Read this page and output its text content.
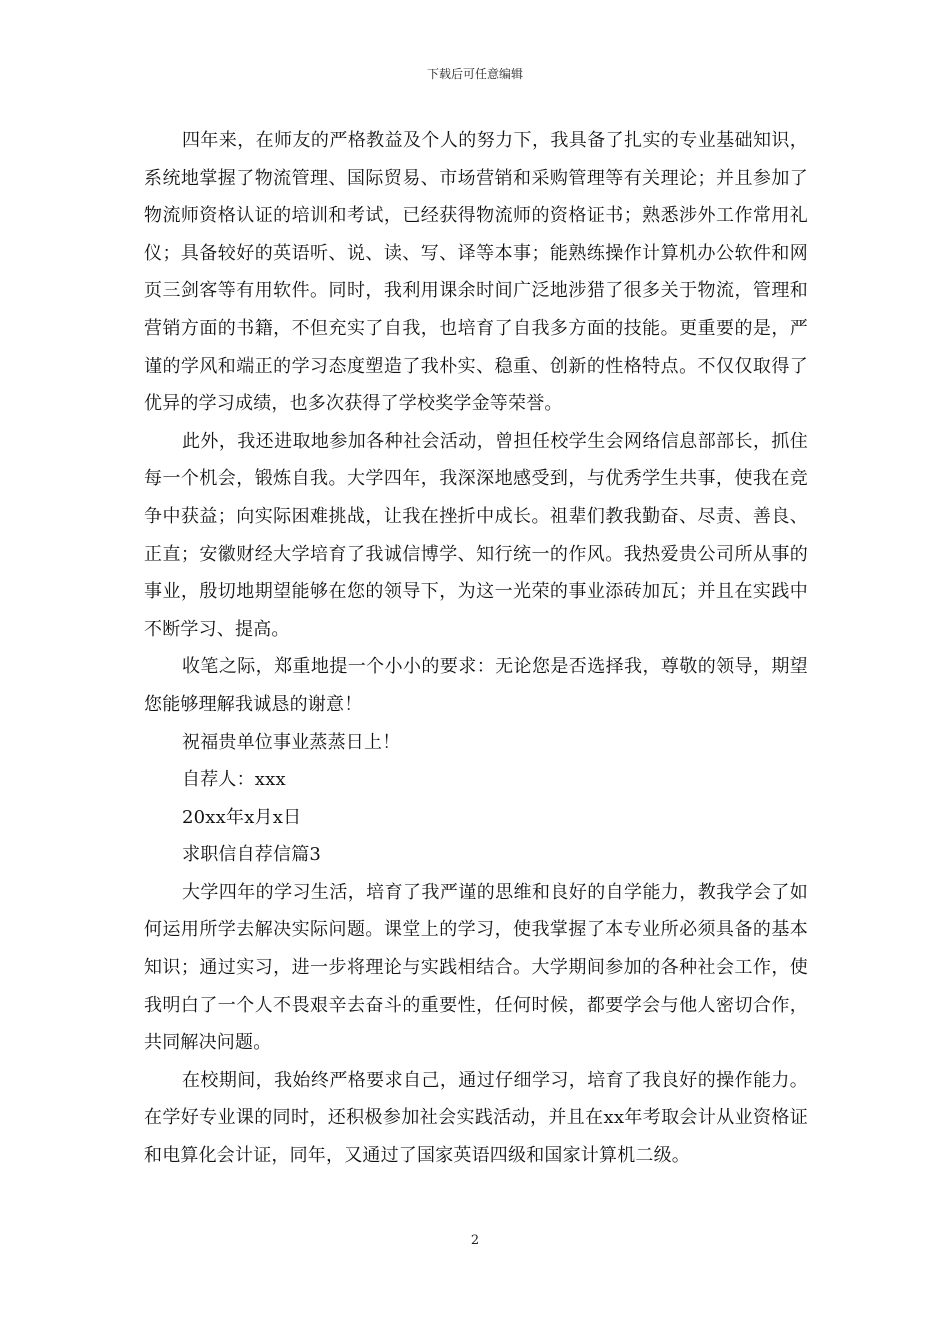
下载后可任意编辑

四年来，在师友的严格教益及个人的努力下，我具备了扎实的专业基础知识，系统地掌握了物流管理、国际贸易、市场营销和采购管理等有关理论；并且参加了物流师资格认证的培训和考试，已经获得物流师的资格证书；熟悉涉外工作常用礼仪；具备较好的英语听、说、读、写、译等本事；能熟练操作计算机办公软件和网页三剑客等有用软件。同时，我利用课余时间广泛地涉猎了很多关于物流，管理和营销方面的书籍，不但充实了自我，也培育了自我多方面的技能。更重要的是，严谨的学风和端正的学习态度塑造了我朴实、稳重、创新的性格特点。不仅仅取得了优异的学习成绩，也多次获得了学校奖学金等荣誉。

此外，我还进取地参加各种社会活动，曾担任校学生会网络信息部部长，抓住每一个机会，锻炼自我。大学四年，我深深地感受到，与优秀学生共事，使我在竞争中获益；向实际困难挑战，让我在挫折中成长。祖辈们教我勤奋、尽责、善良、正直；安徽财经大学培育了我诚信博学、知行统一的作风。我热爱贵公司所从事的事业，殷切地期望能够在您的领导下，为这一光荣的事业添砖加瓦；并且在实践中不断学习、提高。

收笔之际，郑重地提一个小小的要求：无论您是否选择我，尊敬的领导，期望您能够理解我诚恳的谢意！

祝福贵单位事业蒸蒸日上！

自荐人：xxx

20xx年x月x日

求职信自荐信篇3

大学四年的学习生活，培育了我严谨的思维和良好的自学能力，教我学会了如何运用所学去解决实际问题。课堂上的学习，使我掌握了本专业所必须具备的基本知识；通过实习，进一步将理论与实践相结合。大学期间参加的各种社会工作，使我明白了一个人不畏艰辛去奋斗的重要性，任何时候，都要学会与他人密切合作，共同解决问题。

在校期间，我始终严格要求自己，通过仔细学习，培育了我良好的操作能力。在学好专业课的同时，还积极参加社会实践活动，并且在xx年考取会计从业资格证和电算化会计证，同年，又通过了国家英语四级和国家计算机二级。

2
